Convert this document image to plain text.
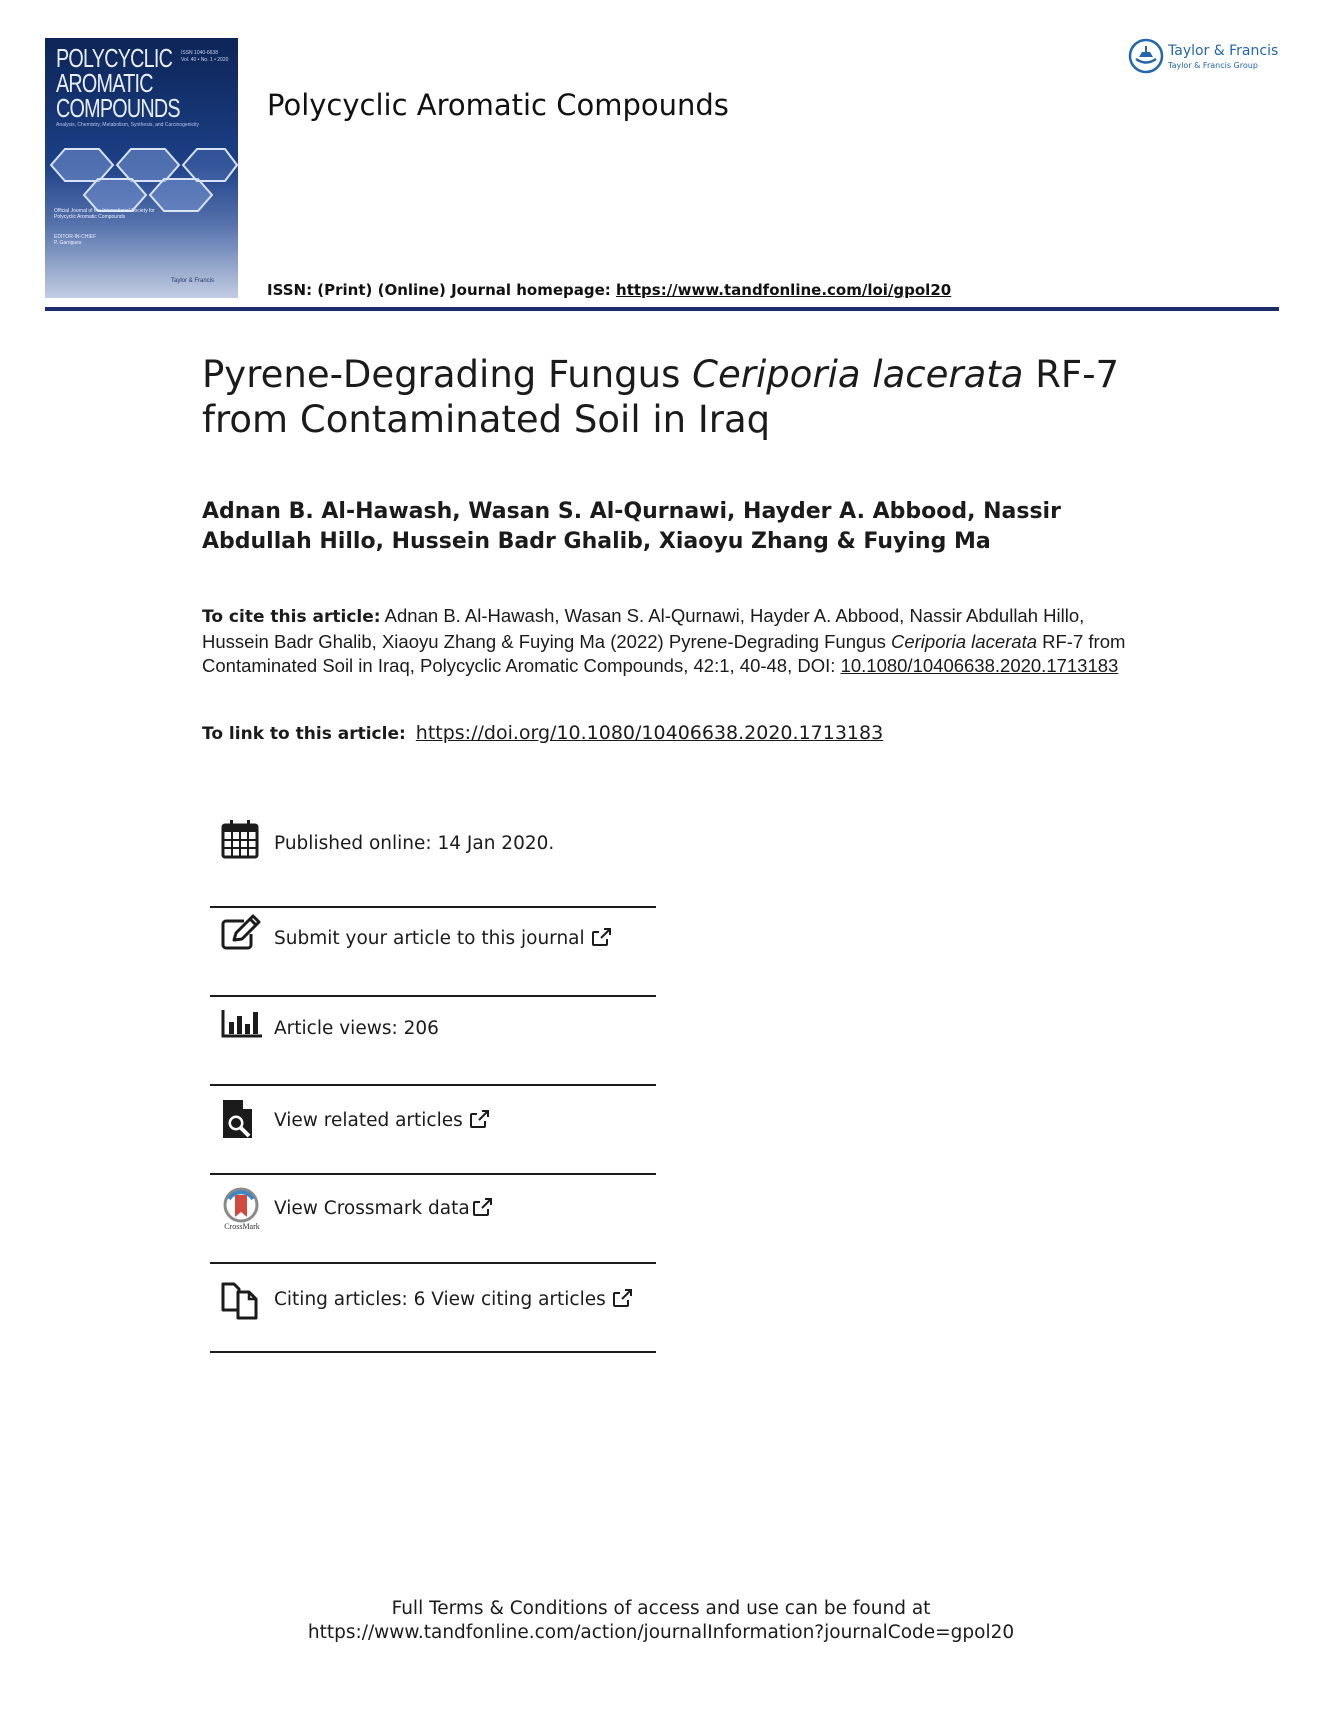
POLYCYCLIC
AROMATIC
COMPOUNDS
ISSN 1040-6638
Vol. 40 • No. 1 • 2020
Analysis, Chemistry, Metabolism, Synthesis, and Carcinogenicity
Official Journal of the International Society for Polycyclic Aromatic Compounds
EDITOR-IN-CHIEF
P. Garrigues
Taylor & Francis
Polycyclic Aromatic Compounds
Taylor & Francis
Taylor & Francis Group
ISSN: (Print) (Online) Journal homepage: https://www.tandfonline.com/loi/gpol20
Pyrene-Degrading Fungus Ceriporia lacerata RF-7 from Contaminated Soil in Iraq
Adnan B. Al-Hawash, Wasan S. Al-Qurnawi, Hayder A. Abbood, Nassir Abdullah Hillo, Hussein Badr Ghalib, Xiaoyu Zhang & Fuying Ma
To cite this article: Adnan B. Al-Hawash, Wasan S. Al-Qurnawi, Hayder A. Abbood, Nassir Abdullah Hillo, Hussein Badr Ghalib, Xiaoyu Zhang & Fuying Ma (2022) Pyrene-Degrading Fungus Ceriporia lacerata RF-7 from Contaminated Soil in Iraq, Polycyclic Aromatic Compounds, 42:1, 40-48, DOI: 10.1080/10406638.2020.1713183
To link to this article: https://doi.org/10.1080/10406638.2020.1713183
Published online: 14 Jan 2020.
Submit your article to this journal
Article views: 206
View related articles
CrossMark
View Crossmark data
Citing articles: 6 View citing articles
Full Terms & Conditions of access and use can be found at
https://www.tandfonline.com/action/journalInformation?journalCode=gpol20
